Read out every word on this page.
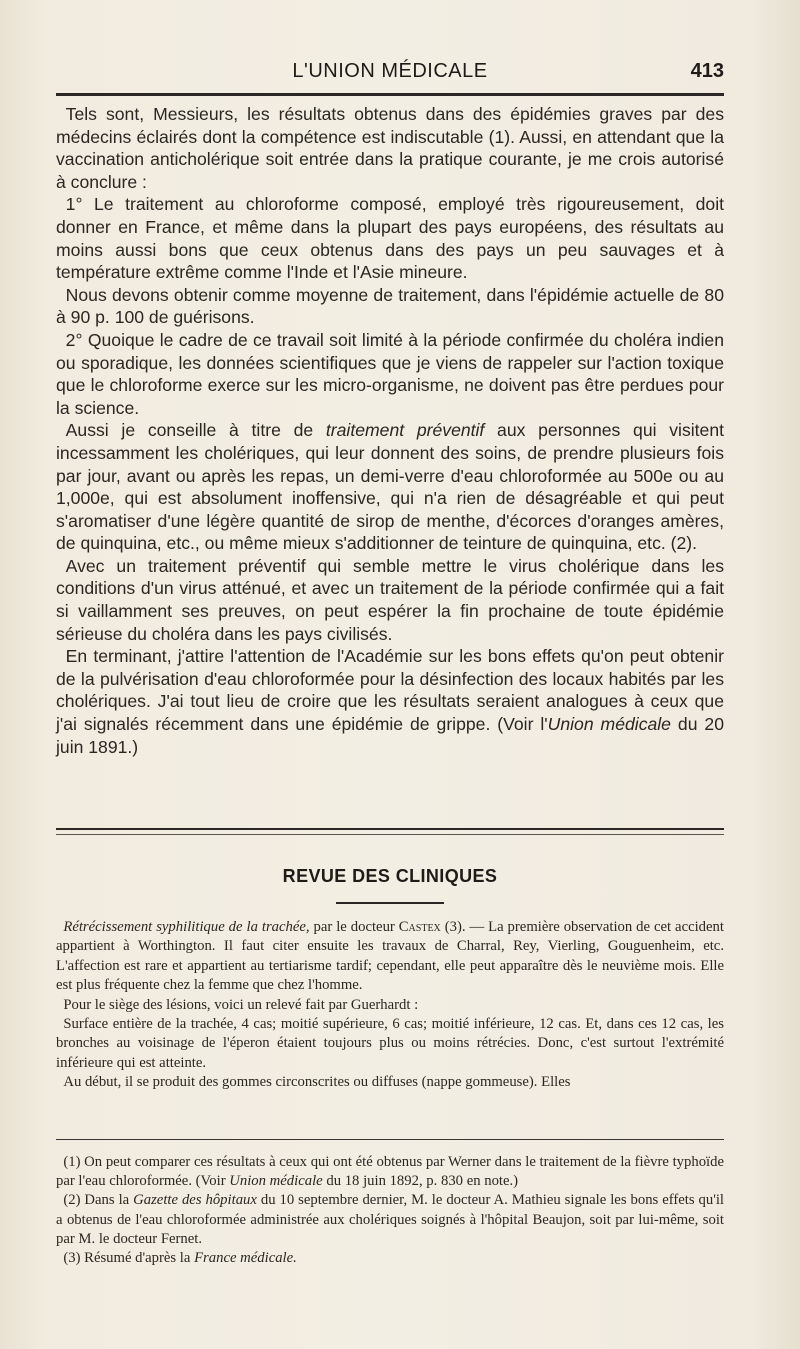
L'UNION MÉDICALE	413

Tels sont, Messieurs, les résultats obtenus dans des épidémies graves par des médecins éclairés dont la compétence est indiscutable (1). Aussi, en attendant que la vaccination anticholérique soit entrée dans la pratique courante, je me crois autorisé à conclure :

1° Le traitement au chloroforme composé, employé très rigoureusement, doit donner en France, et même dans la plupart des pays européens, des résultats au moins aussi bons que ceux obtenus dans des pays un peu sauvages et à température extrême comme l'Inde et l'Asie mineure.

Nous devons obtenir comme moyenne de traitement, dans l'épidémie actuelle de 80 à 90 p. 100 de guérisons.

2° Quoique le cadre de ce travail soit limité à la période confirmée du choléra indien ou sporadique, les données scientifiques que je viens de rappeler sur l'action toxique que le chloroforme exerce sur les micro-organisme, ne doivent pas être perdues pour la science.

Aussi je conseille à titre de traitement préventif aux personnes qui visitent incessamment les cholériques, qui leur donnent des soins, de prendre plusieurs fois par jour, avant ou après les repas, un demi-verre d'eau chloroformée au 500e ou au 1,000e, qui est absolument inoffensive, qui n'a rien de désagréable et qui peut s'aromatiser d'une légère quantité de sirop de menthe, d'écorces d'oranges amères, de quinquina, etc., ou même mieux s'additionner de teinture de quinquina, etc. (2).

Avec un traitement préventif qui semble mettre le virus cholérique dans les conditions d'un virus atténué, et avec un traitement de la période confirmée qui a fait si vaillamment ses preuves, on peut espérer la fin prochaine de toute épidémie sérieuse du choléra dans les pays civilisés.

En terminant, j'attire l'attention de l'Académie sur les bons effets qu'on peut obtenir de la pulvérisation d'eau chloroformée pour la désinfection des locaux habités par les cholériques. J'ai tout lieu de croire que les résultats seraient analogues à ceux que j'ai signalés récemment dans une épidémie de grippe. (Voir l'Union médicale du 20 juin 1891.)

REVUE DES CLINIQUES

Rétrécissement syphilitique de la trachée, par le docteur Castex (3). — La première observation de cet accident appartient à Worthington. Il faut citer ensuite les travaux de Charral, Rey, Vierling, Gouguenheim, etc. L'affection est rare et appartient au tertiarisme tardif; cependant, elle peut apparaître dès le neuvième mois. Elle est plus fréquente chez la femme que chez l'homme.

Pour le siège des lésions, voici un relevé fait par Guerhardt :

Surface entière de la trachée, 4 cas; moitié supérieure, 6 cas; moitié inférieure, 12 cas. Et, dans ces 12 cas, les bronches au voisinage de l'éperon étaient toujours plus ou moins rétrécies. Donc, c'est surtout l'extrémité inférieure qui est atteinte.

Au début, il se produit des gommes circonscrites ou diffuses (nappe gommeuse). Elles

(1) On peut comparer ces résultats à ceux qui ont été obtenus par Werner dans le traitement de la fièvre typhoïde par l'eau chloroformée. (Voir Union médicale du 18 juin 1892, p. 830 en note.)

(2) Dans la Gazette des hôpitaux du 10 septembre dernier, M. le docteur A. Mathieu signale les bons effets qu'il a obtenus de l'eau chloroformée administrée aux cholériques soignés à l'hôpital Beaujon, soit par lui-même, soit par M. le docteur Fernet.

(3) Résumé d'après la France médicale.
